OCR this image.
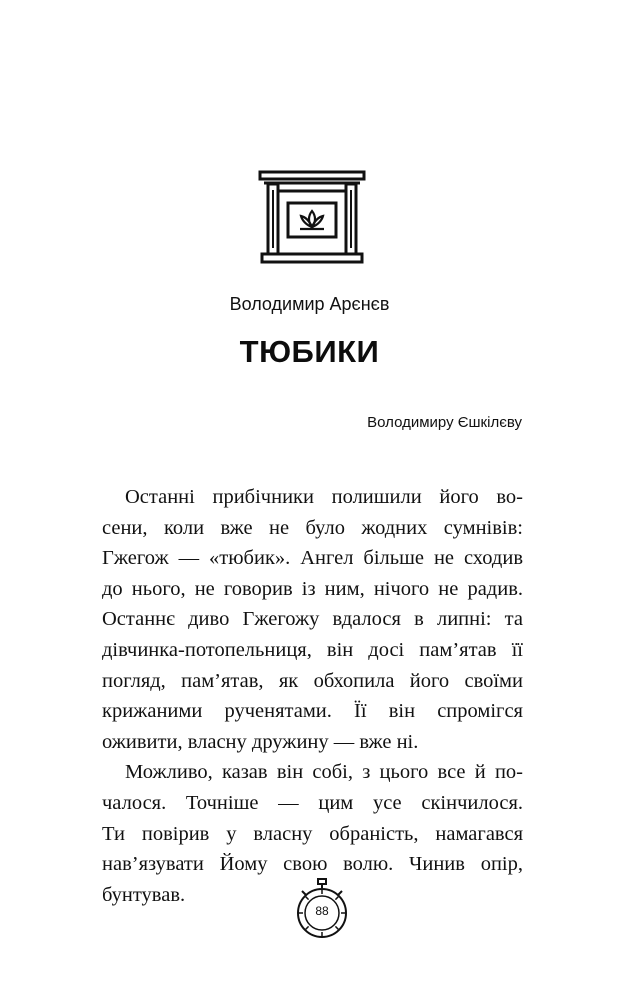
Володимир Арєнєв
ТЮБИКИ
Володимиру Єшкілєву

Останні прибічники полишили його во-
сени, коли вже не було жодних сумнівів:
Гжегож — «тюбик». Ангел більше не сходив
до нього, не говорив із ним, нічого не радив.
Останнє диво Гжегожу вдалося в липні: та
дівчинка-потопельниця, він досі пам’ятав її
погляд, пам’ятав, як обхопила його своїми
крижаними рученятами. Її він спромігся
оживити, власну дружину — вже ні.

Можливо, казав він собі, з цього все й по-
чалося. Точніше — цим усе скінчилося.
Ти повірив у власну обраність, намагався
нав’язувати Йому свою волю. Чинив опір,
бунтував.

88
